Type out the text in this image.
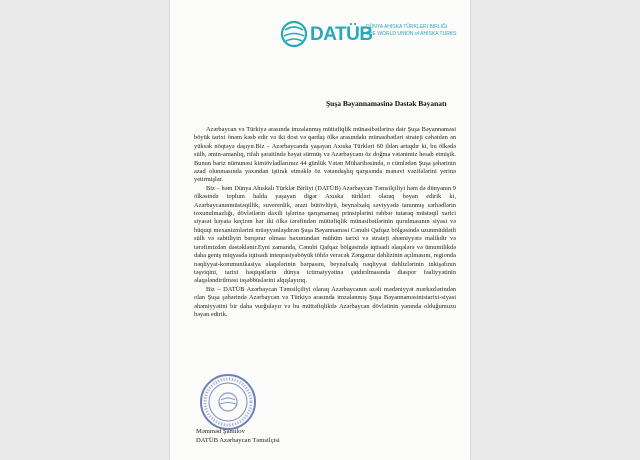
DATÜB
DÜNYA AHISKA TÜRKLERI BIRLIĞI
THE WORLD UNION of AHISKA TURKS
Şuşa Bəyannaməsinə Dəstək Bəyanatı

Azərbaycan və Türkiyə arasında imzalanmış müttəfiqlik münasibətlərinə dair Şuşa Bəyannaməsi böyük tarixi önəm kəsb edir və iki dost və qardaş ölkə arasındakı münasibətləri strateji cəhətdən ən yüksək nöqtəyə daşıyır.Biz – Azərbaycanda yaşayan Axıska Türkləri 60 ildən artıqdır ki, bu ölkədə sülh, əmin-amanlıq, rifah şəraitində həyat sürmüş və Azərbaycanı öz doğma vətənimiz hesab etmişik. Bunun bariz nümunəsi kimiövladlarımız 44 günlük Vətən Müharibəsində, o cümlədən Şuşa şəhərinin azad olunmasında yaxından iştirak etməklə öz vətəndaşlıq qarşısında mənəvi vəzifələrini yerinə yetirmişlər.

Biz – həm Dünya Ahıskalı Türklər Birliyi (DATÜB) Azərbaycan Təmsilçiliyi həm də dünyanın 9 ölkəsində toplum halda yaşayan digər Axıska türkləri olaraq bəyan edirik ki, Azərbaycanınmüstəqillik, suverenlik, ərazi bütövlüyü, beynəlxalq səviyyədə tanınmış sərhədlərin toxunulmazlığı, dövlətlərin daxili işlərinə qarışmamaq prinsiplərini rəhbər tutaraq müstəqil xarici siyasət həyata keçirən hər iki ölkə tərəfindən müttəfiqlik münasibətlərinin qurulmasının siyasi və hüquqi mexanizmlərini müəyyənləşdirən Şuşa Bəyannaməsi Cənubi Qafqaz bölgəsində uzunmüddətli sülh və sabitliyin bərqərar olması baxımından mühüm tarixi və strateji əhəmiyyətə malikdir və tərəfimizdən dəstəklənir.Eyni zamanda, Cənubi Qafqaz bölgəsində iqtisadi əlaqələrə və ümumilikdə daha geniş miqyasda iqtisadi inteqrasiyaböyük töhfə verəcək Zəngəzur dəhlizinin açılmasını, regionda nəqliyyat-kommunikasiya əlaqələrinin bərpasını, beynəlxalq nəqliyyat dəhlizlərinin inkişafının təşviqini, tarixi həqiqətlərin dünya ictimaiyyətinə çatdırılmasında diaspor fəaliyyətinin əlaqələndirilməsi təşəbbüslərini alqışlayırıq.

Biz – DATÜB Azərbaycan Təmsilçiliyi olaraq Azərbaycanın azəli mədəniyyət mərkəzlərindən olan Şuşa şəhərində Azərbaycan və Türkiyə arasında imzalanmış Şuşa Bəyannaməsinistarixi-siyasi əhəmiyyətini bir daha vurğulayır və bu müttəfiqlikdə Azərbaycan dövlətinin yanında olduğumuzu bəyan edirik.

Məmməd Şamilov
DATÜB Azərbaycan Təmsilçisi
